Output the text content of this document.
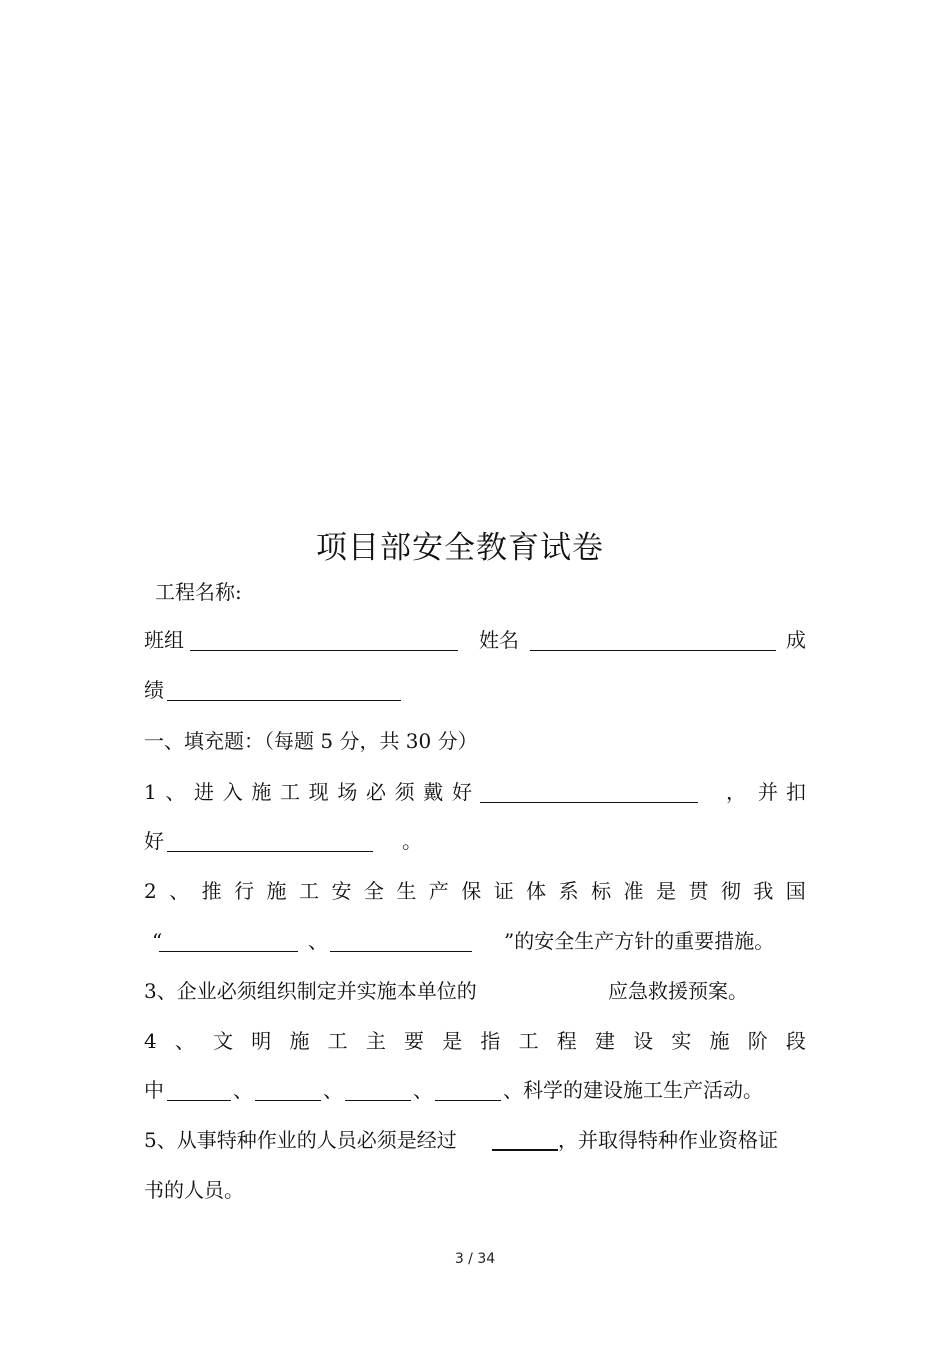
项目部安全教育试卷
工程名称:
班组	姓名	成
绩
一、填充题：（每题 5 分，共 30 分）
1 、 进 入 施 工 现 场 必 须 戴 好	， 并 扣
好	。
2 、 推 行 施 工 安 全 生 产 保 证 体 系 标 准 是 贯 彻 我 国
“	、	”的安全生产方针的重要措施。
3、企业必须组织制定并实施本单位的	应急救援预案。
4 、 文 明 施 工 主 要 是 指 工 程 建 设 实 施 阶 段
中	、	、	、	、科学的建设施工生产活动。
5、从事特种作业的人员必须是经过	，并取得特种作业资格证
书的人员。
3 / 34
